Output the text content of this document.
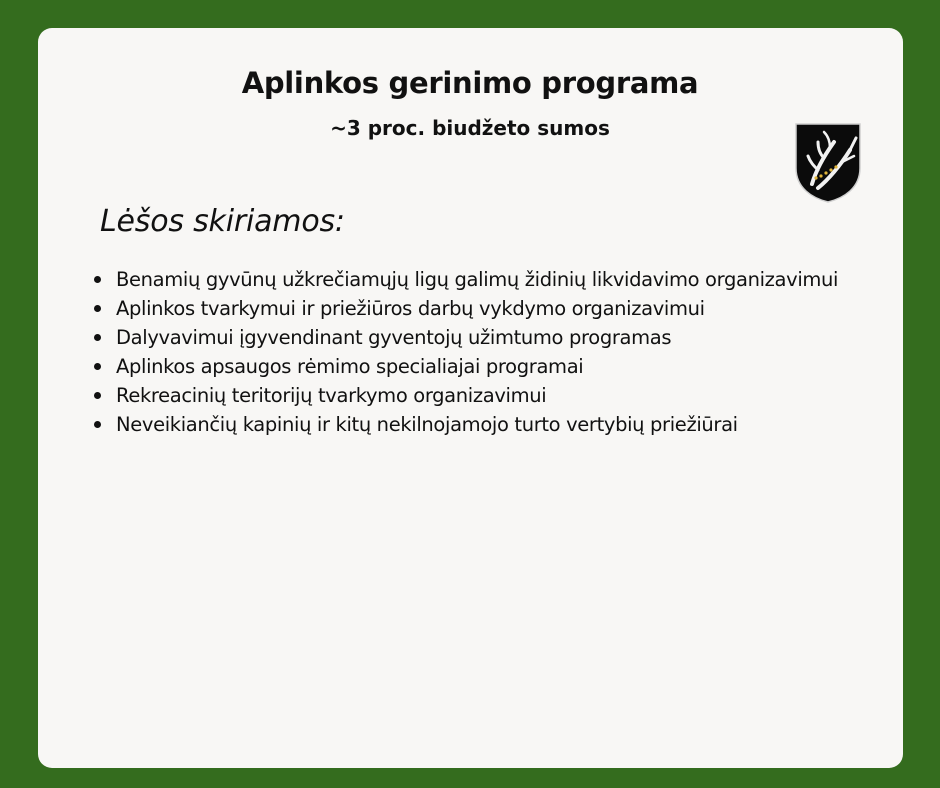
Aplinkos gerinimo programa
~3 proc. biudžeto sumos
Lėšos skiriamos:
Benamių gyvūnų užkrečiamųjų ligų galimų židinių likvidavimo organizavimui
Aplinkos tvarkymui ir priežiūros darbų vykdymo organizavimui
Dalyvavimui įgyvendinant gyventojų užimtumo programas
Aplinkos apsaugos rėmimo specialiajai programai
Rekreacinių teritorijų tvarkymo organizavimui
Neveikiančių kapinių ir kitų nekilnojamojo turto vertybių priežiūrai
